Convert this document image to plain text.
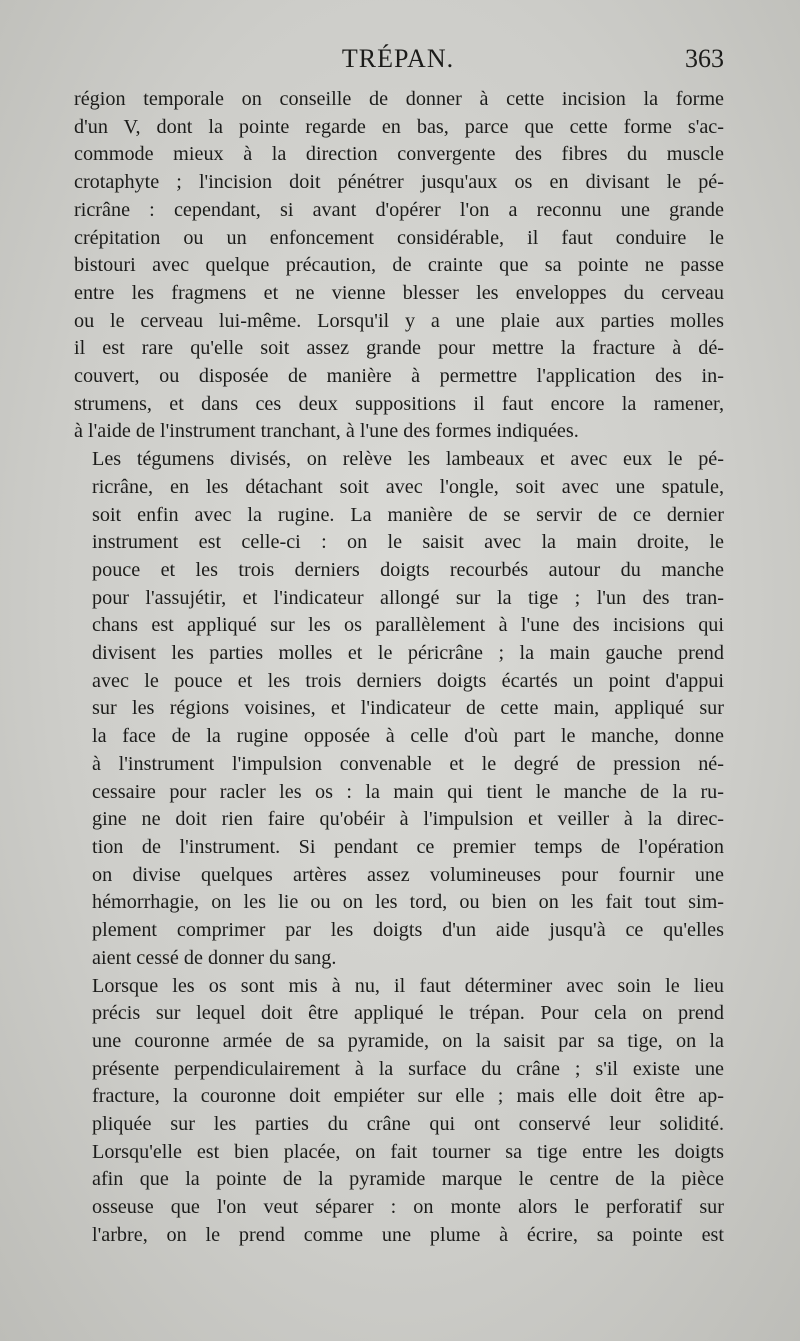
TRÉPAN.	363
région temporale on conseille de donner à cette incision la forme
d'un V, dont la pointe regarde en bas, parce que cette forme s'ac-
commode mieux à la direction convergente des fibres du muscle
crotaphyte ; l'incision doit pénétrer jusqu'aux os en divisant le pé-
ricrâne : cependant, si avant d'opérer l'on a reconnu une grande
crépitation ou un enfoncement considérable, il faut conduire le
bistouri avec quelque précaution, de crainte que sa pointe ne passe
entre les fragmens et ne vienne blesser les enveloppes du cerveau
ou le cerveau lui-même. Lorsqu'il y a une plaie aux parties molles
il est rare qu'elle soit assez grande pour mettre la fracture à dé-
couvert, ou disposée de manière à permettre l'application des in-
strumens, et dans ces deux suppositions il faut encore la ramener,
à l'aide de l'instrument tranchant, à l'une des formes indiquées.
Les tégumens divisés, on relève les lambeaux et avec eux le pé-
ricrâne, en les détachant soit avec l'ongle, soit avec une spatule,
soit enfin avec la rugine. La manière de se servir de ce dernier
instrument est celle-ci : on le saisit avec la main droite, le
pouce et les trois derniers doigts recourbés autour du manche
pour l'assujétir, et l'indicateur allongé sur la tige ; l'un des tran-
chans est appliqué sur les os parallèlement à l'une des incisions qui
divisent les parties molles et le péricrâne ; la main gauche prend
avec le pouce et les trois derniers doigts écartés un point d'appui
sur les régions voisines, et l'indicateur de cette main, appliqué sur
la face de la rugine opposée à celle d'où part le manche, donne
à l'instrument l'impulsion convenable et le degré de pression né-
cessaire pour racler les os : la main qui tient le manche de la ru-
gine ne doit rien faire qu'obéir à l'impulsion et veiller à la direc-
tion de l'instrument. Si pendant ce premier temps de l'opération
on divise quelques artères assez volumineuses pour fournir une
hémorrhagie, on les lie ou on les tord, ou bien on les fait tout sim-
plement comprimer par les doigts d'un aide jusqu'à ce qu'elles
aient cessé de donner du sang.
Lorsque les os sont mis à nu, il faut déterminer avec soin le lieu
précis sur lequel doit être appliqué le trépan. Pour cela on prend
une couronne armée de sa pyramide, on la saisit par sa tige, on la
présente perpendiculairement à la surface du crâne ; s'il existe une
fracture, la couronne doit empiéter sur elle ; mais elle doit être ap-
pliquée sur les parties du crâne qui ont conservé leur solidité.
Lorsqu'elle est bien placée, on fait tourner sa tige entre les doigts
afin que la pointe de la pyramide marque le centre de la pièce
osseuse que l'on veut séparer : on monte alors le perforatif sur
l'arbre, on le prend comme une plume à écrire, sa pointe est
